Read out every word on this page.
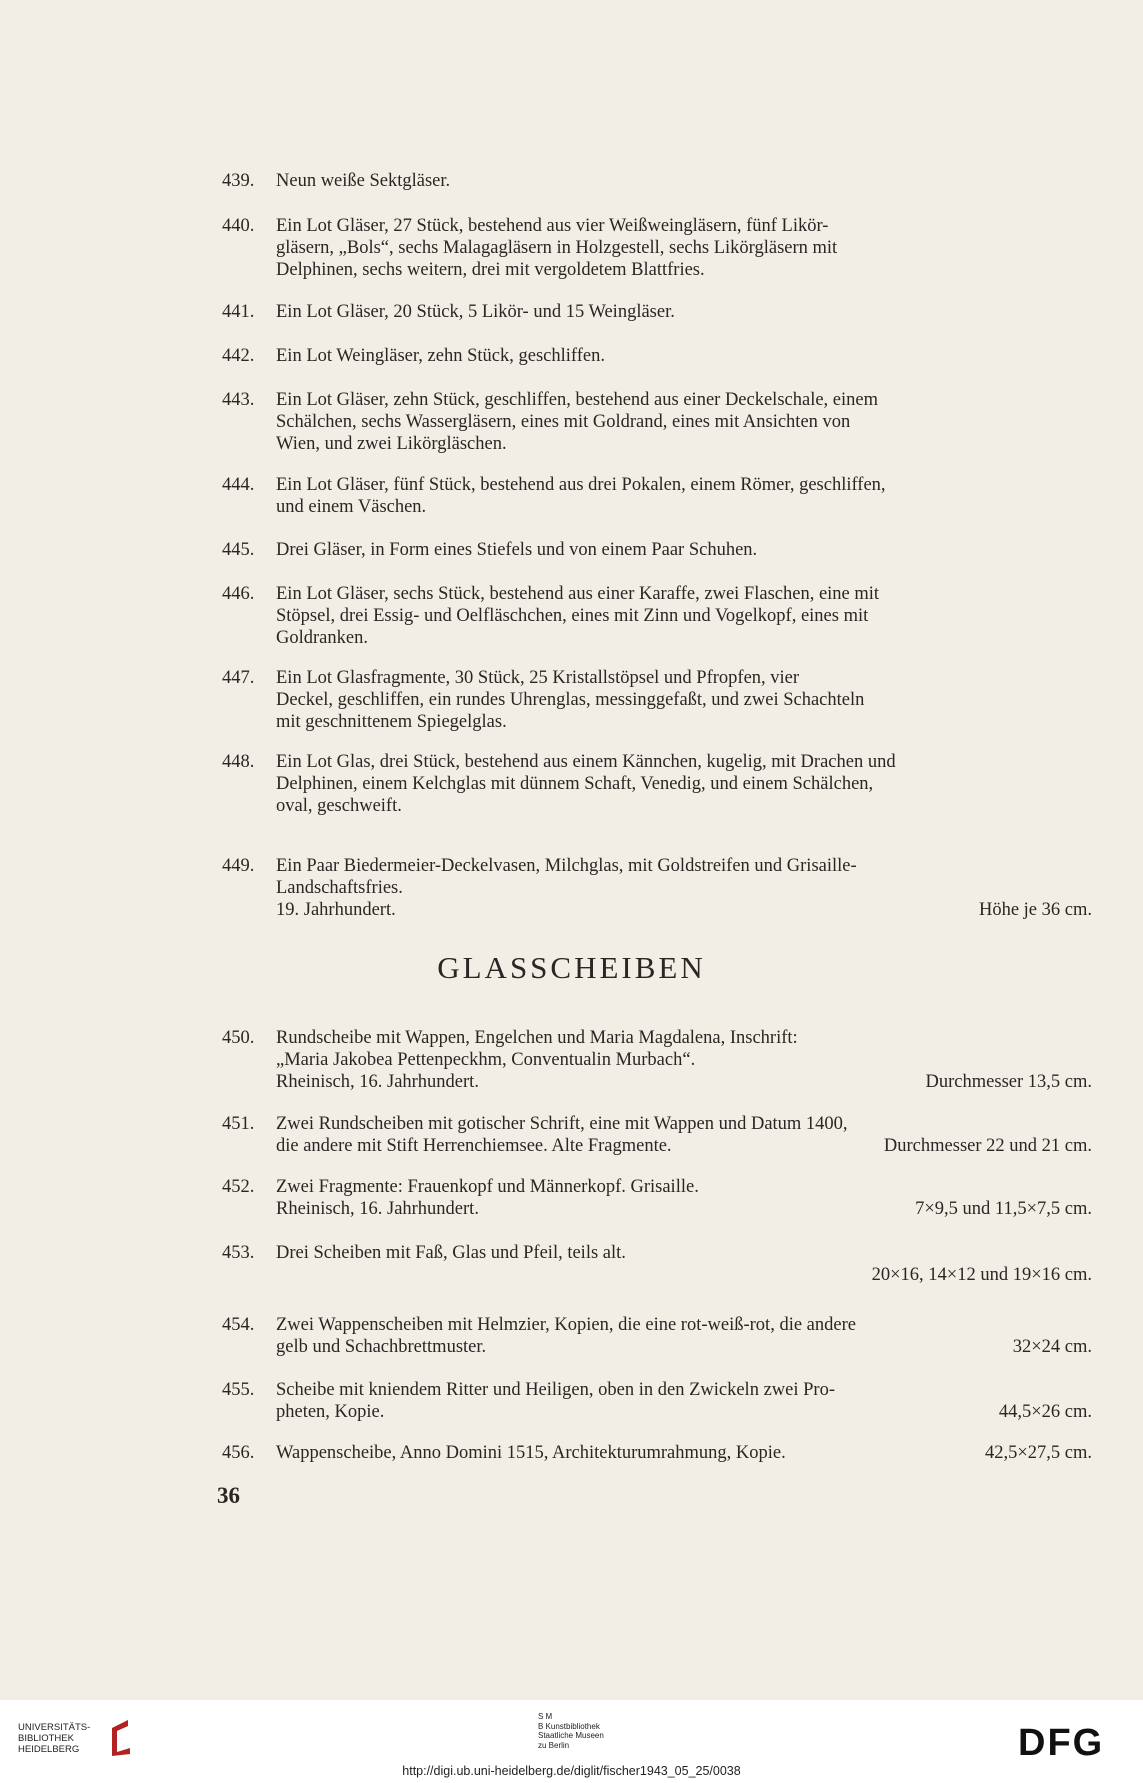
439. Neun weiße Sektgläser.
440. Ein Lot Gläser, 27 Stück, bestehend aus vier Weißweingläsern, fünf Likör-
gläsern, „Bols“, sechs Malagagläsern in Holzgestell, sechs Likörgläsern mit
Delphinen, sechs weitern, drei mit vergoldetem Blattfries.
441. Ein Lot Gläser, 20 Stück, 5 Likör- und 15 Weingläser.
442. Ein Lot Weingläser, zehn Stück, geschliffen.
443. Ein Lot Gläser, zehn Stück, geschliffen, bestehend aus einer Deckelschale, einem
Schälchen, sechs Wassergläsern, eines mit Goldrand, eines mit Ansichten von
Wien, und zwei Likörgläschen.
444. Ein Lot Gläser, fünf Stück, bestehend aus drei Pokalen, einem Römer, geschliffen,
und einem Väschen.
445. Drei Gläser, in Form eines Stiefels und von einem Paar Schuhen.
446. Ein Lot Gläser, sechs Stück, bestehend aus einer Karaffe, zwei Flaschen, eine mit
Stöpsel, drei Essig- und Oelfläschchen, eines mit Zinn und Vogelkopf, eines mit
Goldranken.
447. Ein Lot Glasfragmente, 30 Stück, 25 Kristallstöpsel und Pfropfen, vier
Deckel, geschliffen, ein rundes Uhrenglas, messinggefaßt, und zwei Schachteln
mit geschnittenem Spiegelglas.
448. Ein Lot Glas, drei Stück, bestehend aus einem Kännchen, kugelig, mit Drachen und
Delphinen, einem Kelchglas mit dünnem Schaft, Venedig, und einem Schälchen,
oval, geschweift.
449. Ein Paar Biedermeier-Deckelvasen, Milchglas, mit Goldstreifen und Grisaille-
Landschaftsfries.
19. Jahrhundert.	Höhe je 36 cm.
450. Rundscheibe mit Wappen, Engelchen und Maria Magdalena, Inschrift:
„Maria Jakobea Pettenpeckhm, Conventualin Murbach“.
Rheinisch, 16. Jahrhundert.	Durchmesser 13,5 cm.
451. Zwei Rundscheiben mit gotischer Schrift, eine mit Wappen und Datum 1400,
die andere mit Stift Herrenchiemsee. Alte Fragmente.	Durchmesser 22 und 21 cm.
452. Zwei Fragmente: Frauenkopf und Männerkopf. Grisaille.
Rheinisch, 16. Jahrhundert.	7×9,5 und 11,5×7,5 cm.
453. Drei Scheiben mit Faß, Glas und Pfeil, teils alt.
20×16, 14×12 und 19×16 cm.
454. Zwei Wappenscheiben mit Helmzier, Kopien, die eine rot-weiß-rot, die andere
gelb und Schachbrettmuster.	32×24 cm.
455. Scheibe mit kniendem Ritter und Heiligen, oben in den Zwickeln zwei Pro-
pheten, Kopie.	44,5×26 cm.
456. Wappenscheibe, Anno Domini 1515, Architekturumrahmung, Kopie.	42,5×27,5 cm.
GLASSCHEIBEN
36
UNIVERSITÄTS-
BIBLIOTHEK
HEIDELBERG
S M
B Kunstbibliothek
Staatliche Museen
zu Berlin	DFG
http://digi.ub.uni-heidelberg.de/diglit/fischer1943_05_25/0038
